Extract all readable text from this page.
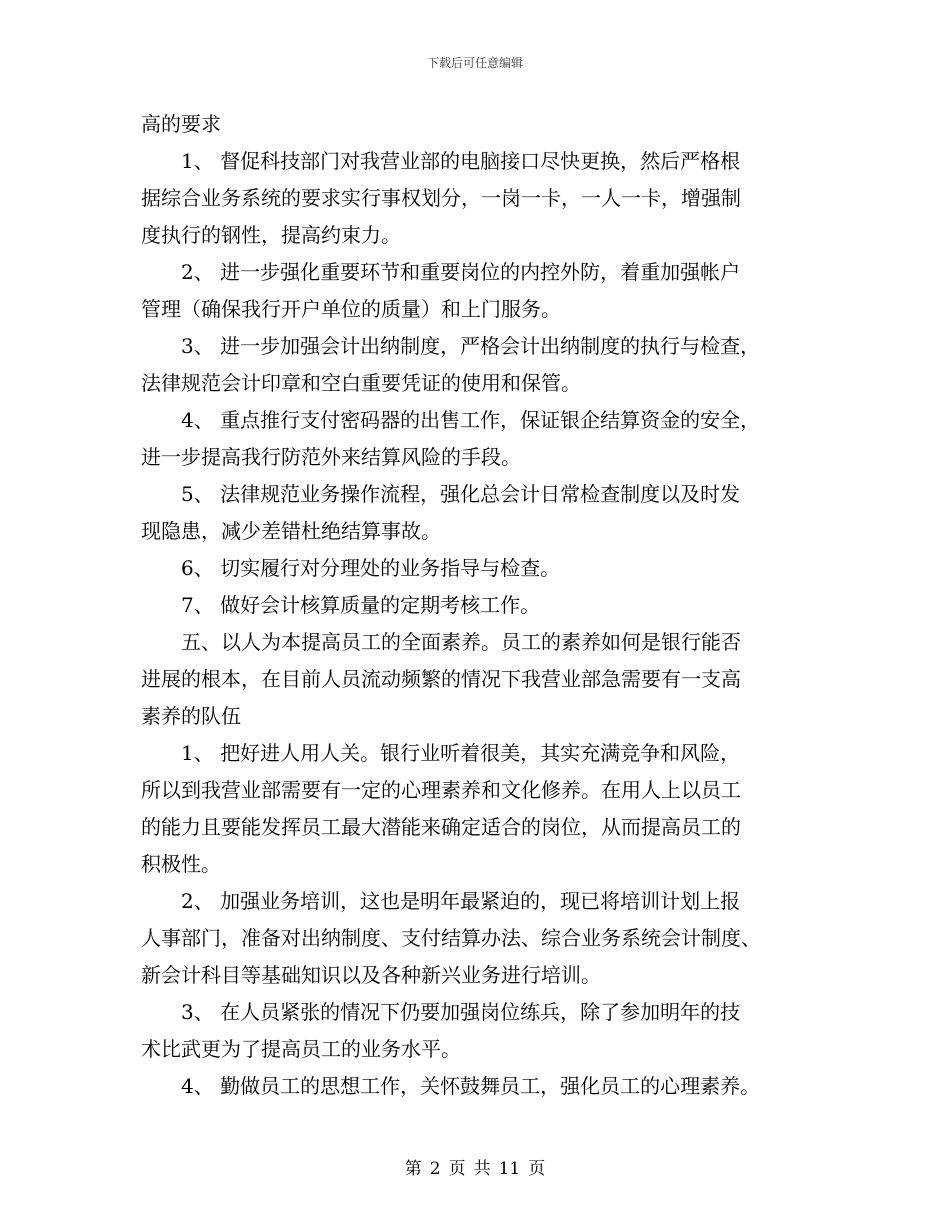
下载后可任意编辑
高的要求
1、 督促科技部门对我营业部的电脑接口尽快更换，然后严格根
据综合业务系统的要求实行事权划分，一岗一卡，一人一卡，增强制
度执行的钢性，提高约束力。
2、 进一步强化重要环节和重要岗位的内控外防，着重加强帐户
管理（确保我行开户单位的质量）和上门服务。
3、 进一步加强会计出纳制度，严格会计出纳制度的执行与检查，
法律规范会计印章和空白重要凭证的使用和保管。
4、 重点推行支付密码器的出售工作，保证银企结算资金的安全，
进一步提高我行防范外来结算风险的手段。
5、 法律规范业务操作流程，强化总会计日常检查制度以及时发
现隐患，减少差错杜绝结算事故。
6、 切实履行对分理处的业务指导与检查。
7、 做好会计核算质量的定期考核工作。
五、以人为本提高员工的全面素养。员工的素养如何是银行能否
进展的根本，在目前人员流动频繁的情况下我营业部急需要有一支高
素养的队伍
1、 把好进人用人关。银行业听着很美，其实充满竞争和风险，
所以到我营业部需要有一定的心理素养和文化修养。在用人上以员工
的能力且要能发挥员工最大潜能来确定适合的岗位，从而提高员工的
积极性。
2、 加强业务培训，这也是明年最紧迫的，现已将培训计划上报
人事部门，准备对出纳制度、支付结算办法、综合业务系统会计制度、
新会计科目等基础知识以及各种新兴业务进行培训。
3、 在人员紧张的情况下仍要加强岗位练兵，除了参加明年的技
术比武更为了提高员工的业务水平。
4、 勤做员工的思想工作，关怀鼓舞员工，强化员工的心理素养。
第 2 页 共 11 页
